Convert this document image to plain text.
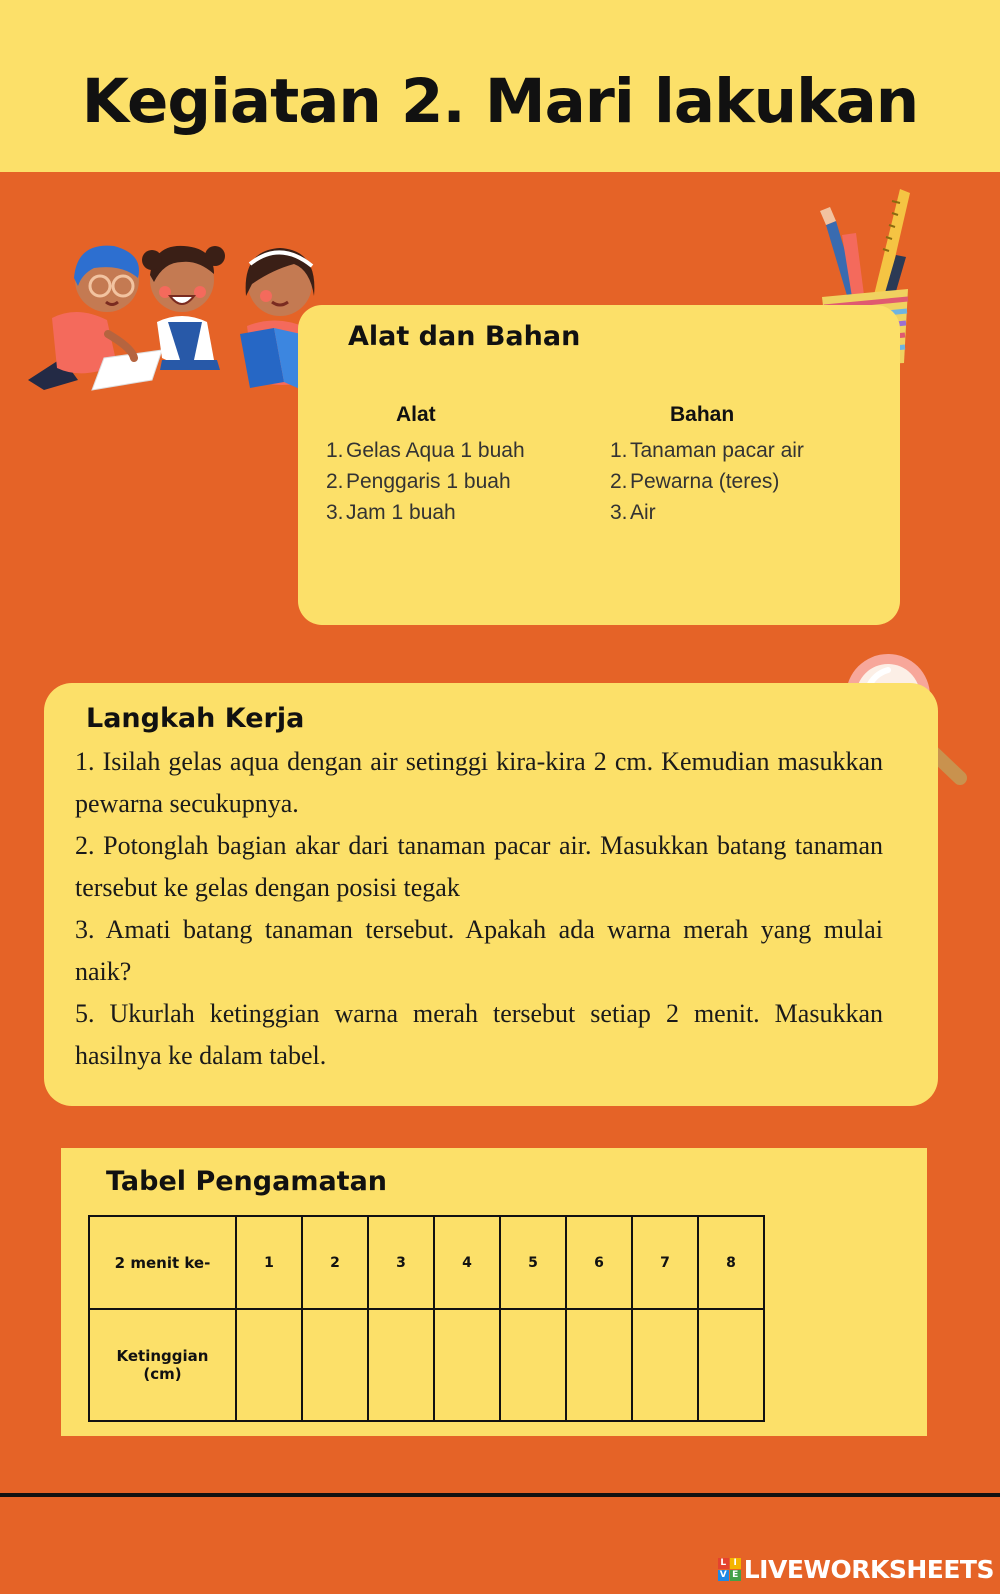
Kegiatan 2. Mari lakukan
Alat dan Bahan
Alat
1. Gelas Aqua 1 buah
2. Penggaris 1 buah
3. Jam 1 buah
Bahan
1. Tanaman pacar air
2. Pewarna (teres)
3. Air
Langkah Kerja

1. Isilah gelas aqua dengan air setinggi kira-kira 2 cm. Kemudian masukkan pewarna secukupnya.

2. Potonglah bagian akar dari tanaman pacar air. Masukkan batang tanaman tersebut ke gelas dengan posisi tegak

3. Amati batang tanaman tersebut. Apakah ada warna merah yang mulai naik?

5. Ukurlah ketinggian warna merah tersebut setiap 2 menit. Masukkan hasilnya ke dalam tabel.

Tabel Pengamatan
2 menit ke-	1	2	3	4	5	6	7	8
Ketinggian
(cm)								
L I
V E LIVEWORKSHEETS
